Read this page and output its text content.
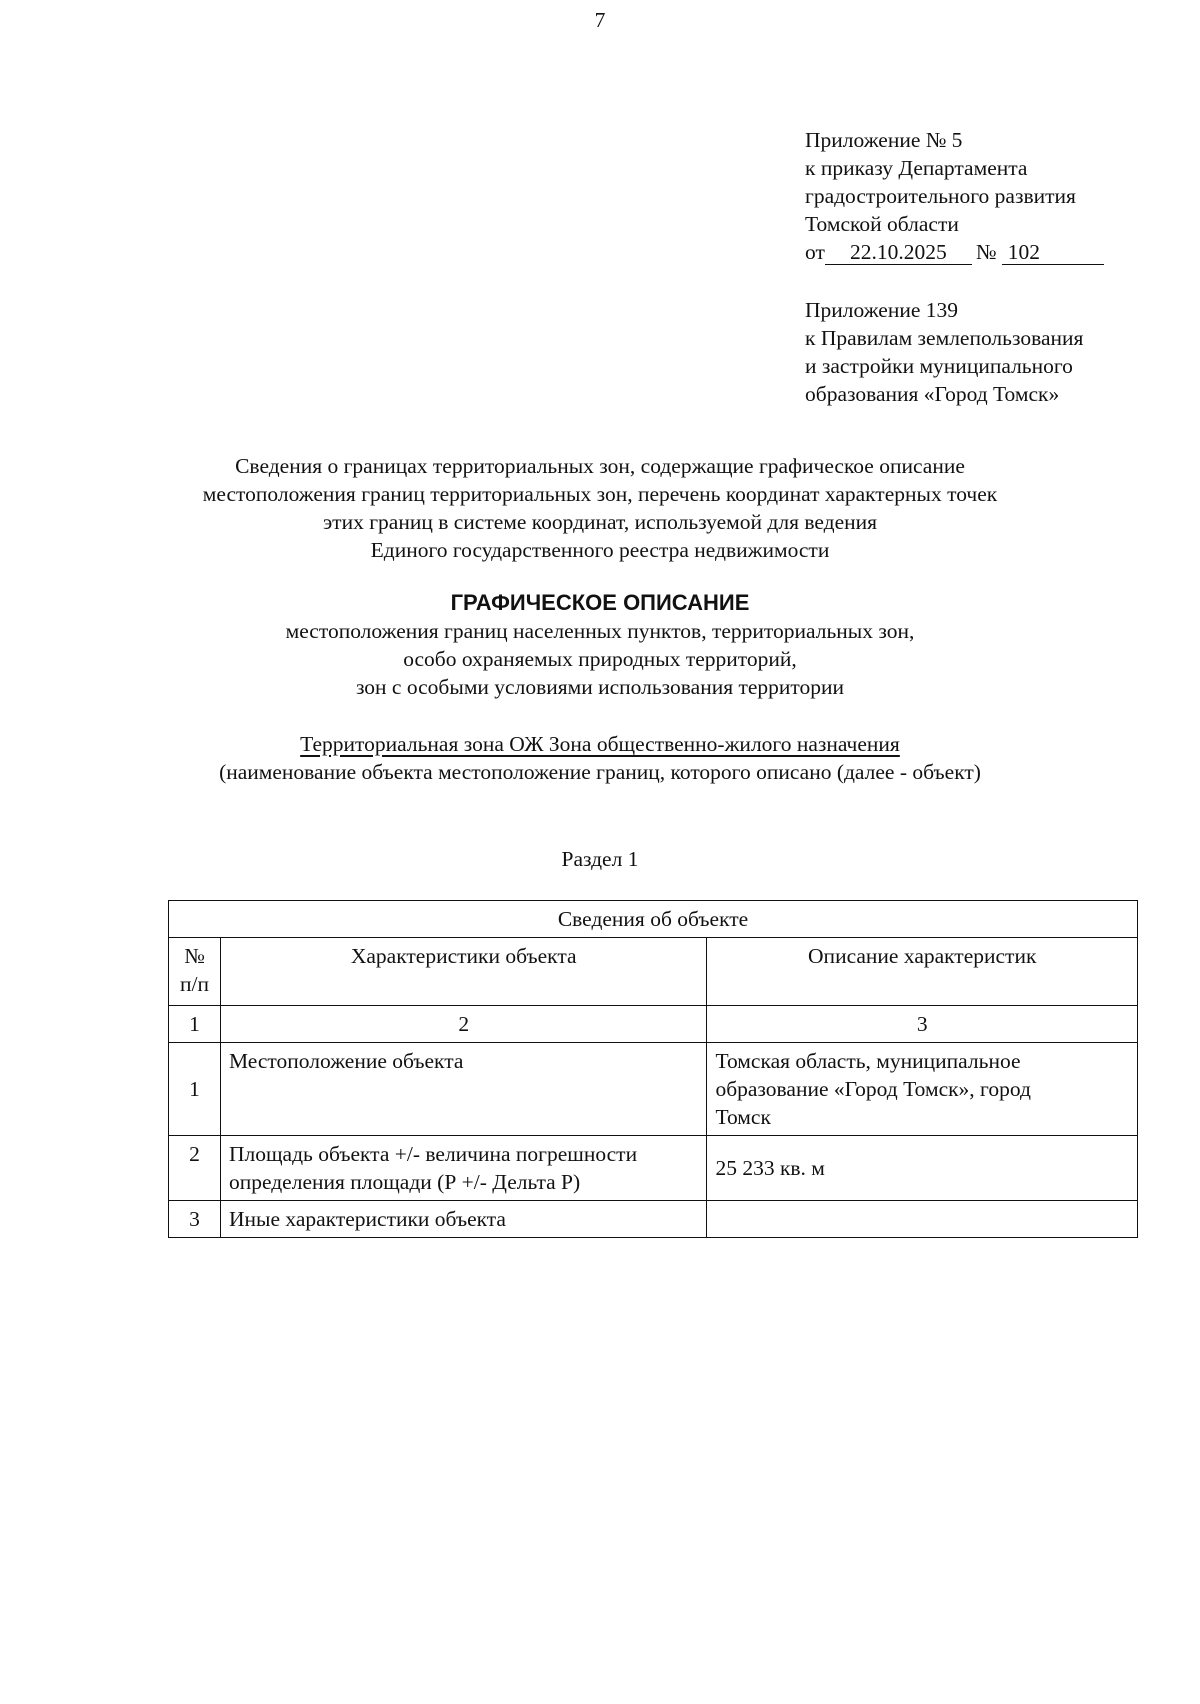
7
Приложение № 5
к приказу Департамента
градостроительного развития
Томской области
от 22.10.2025 № 102
Приложение 139
к Правилам землепользования
и застройки муниципального
образования «Город Томск»
Сведения о границах территориальных зон, содержащие графическое описание
местоположения границ территориальных зон, перечень координат характерных точек
этих границ в системе координат, используемой для ведения
Единого государственного реестра недвижимости
ГРАФИЧЕСКОЕ ОПИСАНИЕ
местоположения границ населенных пунктов, территориальных зон,
особо охраняемых природных территорий,
зон с особыми условиями использования территории
Территориальная зона ОЖ Зона общественно-жилого назначения
(наименование объекта местоположение границ, которого описано (далее - объект)
Раздел 1
Сведения об объекте		

№
п/п	Характеристики объекта	Описание характеристик
1	2	3
1	Местоположение объекта	Томская область, муниципальное
образование «Город Томск», город
Томск

2	Площадь объекта +/- величина погрешности
определения площади (Р +/- Дельта Р)	25 233 кв. м
3	Иные характеристики объекта	
